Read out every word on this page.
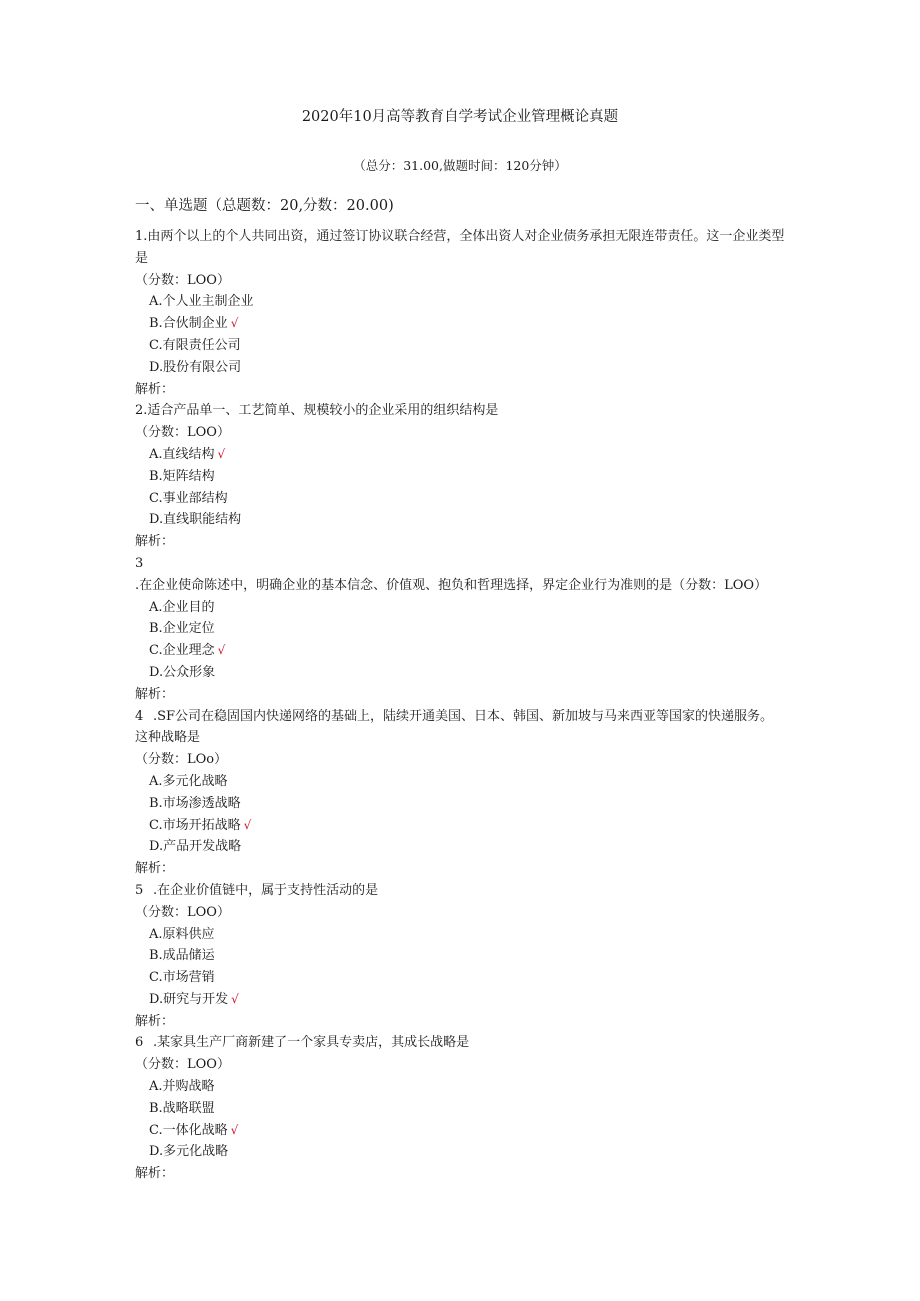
2020年10月高等教育自学考试企业管理概论真题
（总分：31.00,做题时间：120分钟）
一、单选题（总题数：20,分数：20.00)
1.由两个以上的个人共同出资，通过签订协议联合经营，全体出资人对企业债务承担无限连带责任。这一企业类型是
（分数：LOO）
A.个人业主制企业
B.合伙制企业 √
C.有限责任公司
D.股份有限公司
解析：
2.适合产品单一、工艺简单、规模较小的企业采用的组织结构是
（分数：LOO）
A.直线结构 √
B.矩阵结构
C.事业部结构
D.直线职能结构
解析：
3.在企业使命陈述中，明确企业的基本信念、价值观、抱负和哲理选择，界定企业行为准则的是（分数：LOO）
A.企业目的
B.企业定位
C.企业理念 √
D.公众形象
解析：
4 .SF公司在稳固国内快递网络的基础上，陆续开通美国、日本、韩国、新加坡与马来西亚等国家的快递服务。这种战略是
（分数：LOo）
A.多元化战略
B.市场渗透战略
C.市场开拓战略 √
D.产品开发战略
解析：
5 .在企业价值链中，属于支持性活动的是
（分数：LOO）
A.原料供应
B.成品储运
C.市场营销
D.研究与开发 √
解析：
6 .某家具生产厂商新建了一个家具专卖店，其成长战略是
（分数：LOO）
A.并购战略
B.战略联盟
C.一体化战略 √
D.多元化战略
解析：
